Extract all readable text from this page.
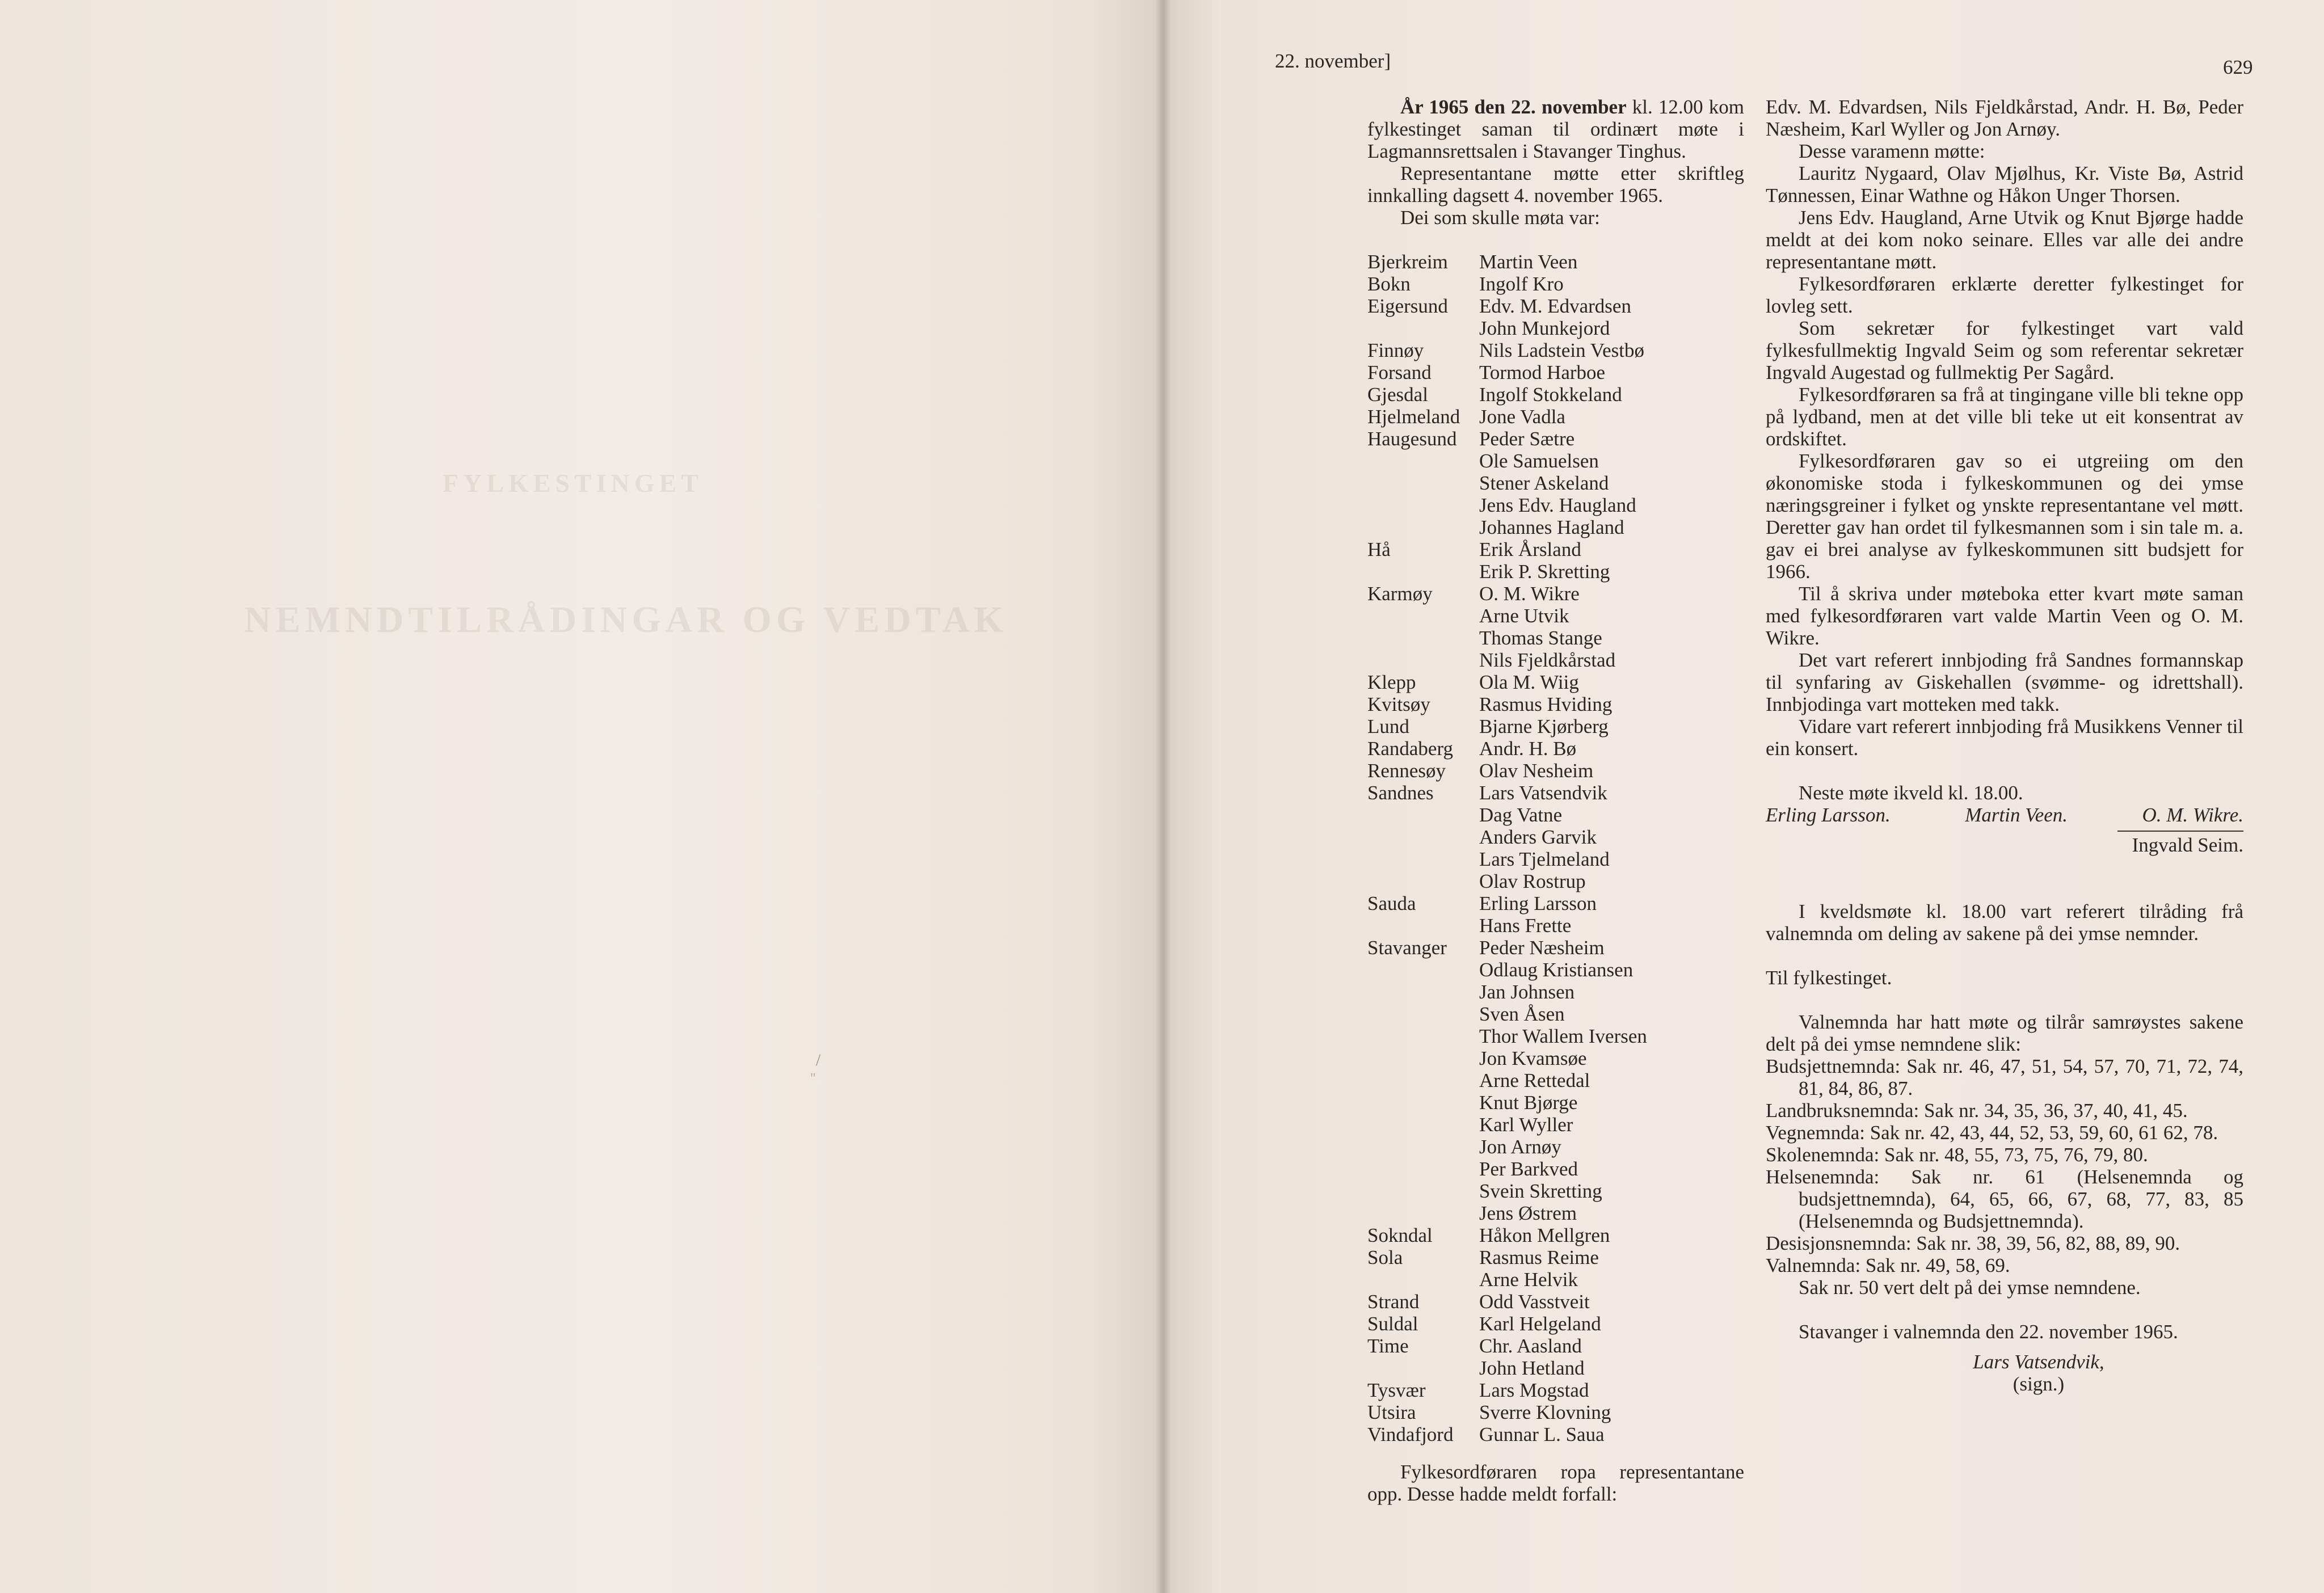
FYLKESTINGET
NEMNDTILRÅDINGAR OG VEDTAK
/
"
22. november]	629

År 1965 den 22. november kl. 12.00 kom fylkestinget saman til ordinært møte i Lagmannsrettsalen i Stavanger Tinghus.

Representantane møtte etter skriftleg innkalling dagsett 4. november 1965.

Dei som skulle møta var:

Bjerkreim	Martin Veen
Bokn	Ingolf Kro
Eigersund	Edv. M. Edvardsen
John Munkejord
Finnøy	Nils Ladstein Vestbø
Forsand	Tormod Harboe
Gjesdal	Ingolf Stokkeland
Hjelmeland Jone Vadla
Haugesund	Peder Sætre
Ole Samuelsen
Stener Askeland
Jens Edv. Haugland
Johannes Hagland
Hå	Erik Årsland
Erik P. Skretting
Karmøy	O. M. Wikre
Arne Utvik
Thomas Stange
Nils Fjeldkårstad
Klepp	Ola M. Wiig
Kvitsøy	Rasmus Hviding
Lund	Bjarne Kjørberg
Randaberg	Andr. H. Bø
Rennesøy	Olav Nesheim
Sandnes	Lars Vatsendvik
Dag Vatne
Anders Garvik
Lars Tjelmeland
Olav Rostrup
Sauda	Erling Larsson
Hans Frette
Stavanger	Peder Næsheim
Odlaug Kristiansen
Jan Johnsen
Sven Åsen
Thor Wallem Iversen
Jon Kvamsøe
Arne Rettedal
Knut Bjørge
Karl Wyller
Jon Arnøy
Per Barkved
Svein Skretting
Jens Østrem
Sokndal	Håkon Mellgren
Sola	Rasmus Reime
Arne Helvik
Strand	Odd Vasstveit
Suldal	Karl Helgeland
Time	Chr. Aasland
John Hetland
Tysvær	Lars Mogstad
Utsira	Sverre Klovning
Vindafjord	Gunnar L. Saua

Edv. M. Edvardsen, Nils Fjeldkårstad, Andr. H. Bø, Peder Næsheim, Karl Wyller og Jon Arnøy.

Desse varamenn møtte:

Lauritz Nygaard, Olav Mjølhus, Kr. Viste Bø, Astrid Tønnessen, Einar Wathne og Håkon Unger Thorsen.

Jens Edv. Haugland, Arne Utvik og Knut Bjørge hadde meldt at dei kom noko seinare. Elles var alle dei andre representantane møtt.

Fylkesordføraren erklærte deretter fylkestinget for lovleg sett.

Som sekretær for fylkestinget vart vald fylkesfullmektig Ingvald Seim og som referentar sekretær Ingvald Augestad og fullmektig Per Sagård.

Fylkesordføraren sa frå at tingingane ville bli tekne opp på lydband, men at det ville bli teke ut eit konsentrat av ordskiftet.

Fylkesordføraren gav so ei utgreiing om den økonomiske stoda i fylkeskommunen og dei ymse næringsgreiner i fylket og ynskte representantane vel møtt. Deretter gav han ordet til fylkesmannen som i sin tale m. a. gav ei brei analyse av fylkeskommunen sitt budsjett for 1966.

Til å skriva under møteboka etter kvart møte saman med fylkesordføraren vart valde Martin Veen og O. M. Wikre.

Det vart referert innbjoding frå Sandnes formannskap til synfaring av Giskehallen (svømme- og idrettshall). Innbjodinga vart motteken med takk.

Vidare vart referert innbjoding frå Musikkens Venner til ein konsert.

Neste møte ikveld kl. 18.00.

Erling Larsson.	Martin Veen.	O. M. Wikre.

Ingvald Seim.

I kveldsmøte kl. 18.00 vart referert tilråding frå valnemnda om deling av sakene på dei ymse nemnder.

Til fylkestinget.

Valnemnda har hatt møte og tilrår samrøystes sakene delt på dei ymse nemndene slik:

Budsjettnemnda: Sak nr. 46, 47, 51, 54, 57, 70, 71, 72, 74, 81, 84, 86, 87.

Landbruksnemnda: Sak nr. 34, 35, 36, 37, 40, 41, 45.

Vegnemnda: Sak nr. 42, 43, 44, 52, 53, 59, 60, 61 62, 78.

Skolenemnda: Sak nr. 48, 55, 73, 75, 76, 79, 80.

Helsenemnda: Sak nr. 61 (Helsenemnda og budsjettnemnda), 64, 65, 66, 67, 68, 77, 83, 85 (Helsenemnda og Budsjettnemnda).

Desisjonsnemnda: Sak nr. 38, 39, 56, 82, 88, 89, 90.

Valnemnda: Sak nr. 49, 58, 69.

Sak nr. 50 vert delt på dei ymse nemndene.

Stavanger i valnemnda den 22. november 1965.

Lars Vatsendvik,

(sign.)

Fylkesordføraren ropa representantane opp. Desse hadde meldt forfall:
